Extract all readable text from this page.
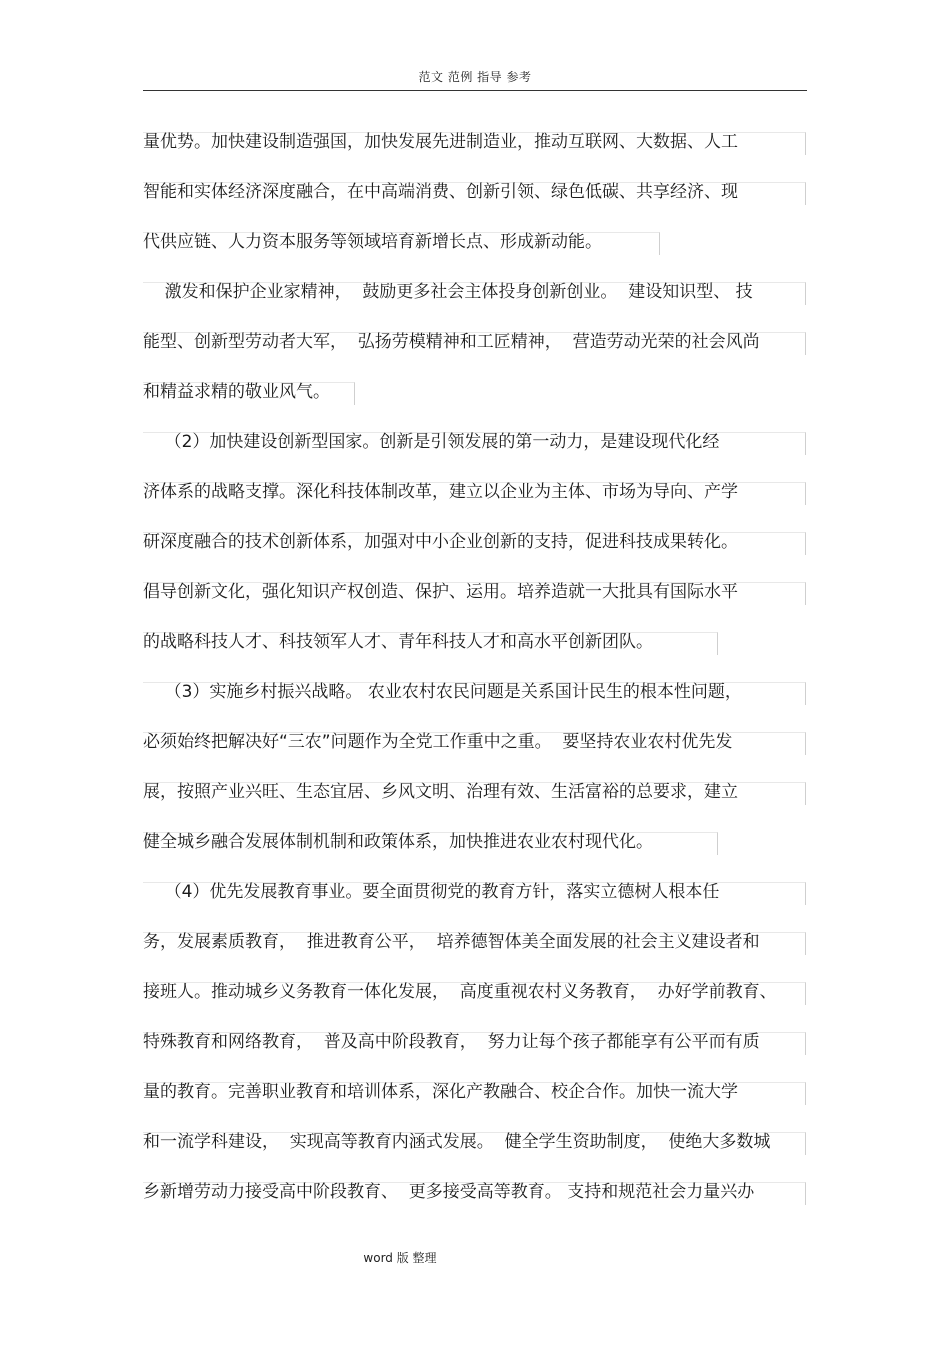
范文 范例 指导 参考
量优势。加快建设制造强国，加快发展先进制造业，推动互联网、大数据、人工
智能和实体经济深度融合，在中高端消费、创新引领、绿色低碳、共享经济、现
代供应链、人力资本服务等领域培育新增长点、形成新动能。
激发和保护企业家精神，  鼓励更多社会主体投身创新创业。  建设知识型、 技
能型、创新型劳动者大军，  弘扬劳模精神和工匠精神，  营造劳动光荣的社会风尚
和精益求精的敬业风气。
（2）加快建设创新型国家。创新是引领发展的第一动力，是建设现代化经
济体系的战略支撑。深化科技体制改革，建立以企业为主体、市场为导向、产学
研深度融合的技术创新体系，加强对中小企业创新的支持，促进科技成果转化。
倡导创新文化，强化知识产权创造、保护、运用。培养造就一大批具有国际水平
的战略科技人才、科技领军人才、青年科技人才和高水平创新团队。
（3）实施乡村振兴战略。 农业农村农民问题是关系国计民生的根本性问题，
必须始终把解决好“三农”问题作为全党工作重中之重。  要坚持农业农村优先发
展，按照产业兴旺、生态宜居、乡风文明、治理有效、生活富裕的总要求，建立
健全城乡融合发展体制机制和政策体系，加快推进农业农村现代化。
（4）优先发展教育事业。要全面贯彻党的教育方针，落实立德树人根本任
务，发展素质教育，  推进教育公平，  培养德智体美全面发展的社会主义建设者和
接班人。推动城乡义务教育一体化发展，  高度重视农村义务教育，  办好学前教育、
特殊教育和网络教育，  普及高中阶段教育，  努力让每个孩子都能享有公平而有质
量的教育。完善职业教育和培训体系，深化产教融合、校企合作。加快一流大学
和一流学科建设，  实现高等教育内涵式发展。  健全学生资助制度，  使绝大多数城
乡新增劳动力接受高中阶段教育、  更多接受高等教育。 支持和规范社会力量兴办
word 版 整理
